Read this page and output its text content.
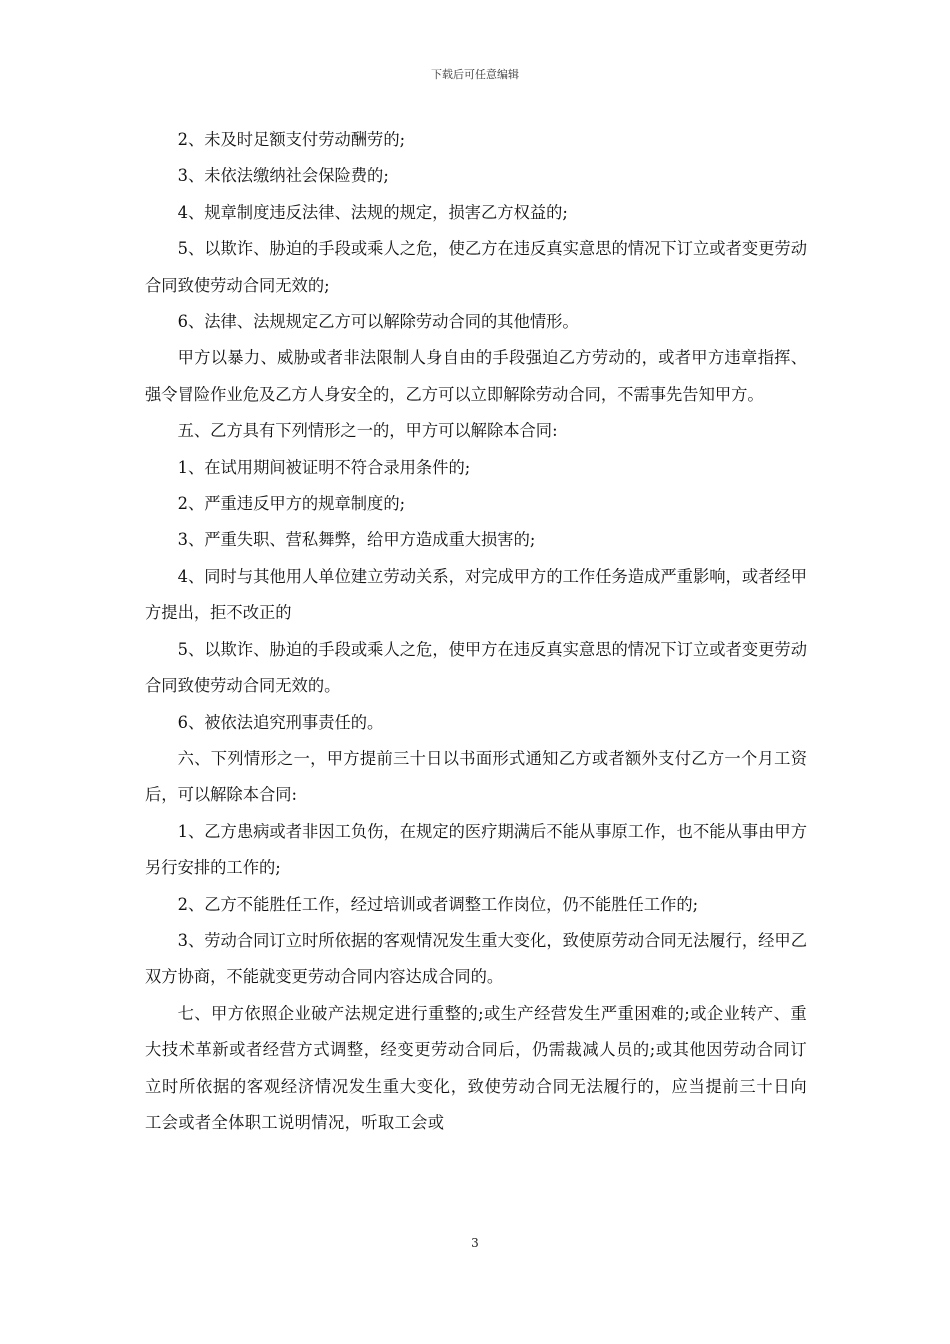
下载后可任意编辑

2、未及时足额支付劳动酬劳的;

3、未依法缴纳社会保险费的;

4、规章制度违反法律、法规的规定，损害乙方权益的;

5、以欺诈、胁迫的手段或乘人之危，使乙方在违反真实意思的情况下订立或者变更劳动合同致使劳动合同无效的;

6、法律、法规规定乙方可以解除劳动合同的其他情形。

甲方以暴力、威胁或者非法限制人身自由的手段强迫乙方劳动的，或者甲方违章指挥、强令冒险作业危及乙方人身安全的，乙方可以立即解除劳动合同，不需事先告知甲方。

五、乙方具有下列情形之一的，甲方可以解除本合同:

1、在试用期间被证明不符合录用条件的;

2、严重违反甲方的规章制度的;

3、严重失职、营私舞弊，给甲方造成重大损害的;

4、同时与其他用人单位建立劳动关系，对完成甲方的工作任务造成严重影响，或者经甲方提出，拒不改正的

5、以欺诈、胁迫的手段或乘人之危，使甲方在违反真实意思的情况下订立或者变更劳动合同致使劳动合同无效的。

6、被依法追究刑事责任的。

六、下列情形之一，甲方提前三十日以书面形式通知乙方或者额外支付乙方一个月工资后，可以解除本合同:

1、乙方患病或者非因工负伤，在规定的医疗期满后不能从事原工作，也不能从事由甲方另行安排的工作的;

2、乙方不能胜任工作，经过培训或者调整工作岗位，仍不能胜任工作的;

3、劳动合同订立时所依据的客观情况发生重大变化，致使原劳动合同无法履行，经甲乙双方协商，不能就变更劳动合同内容达成合同的。

七、甲方依照企业破产法规定进行重整的;或生产经营发生严重困难的;或企业转产、重大技术革新或者经营方式调整，经变更劳动合同后，仍需裁减人员的;或其他因劳动合同订立时所依据的客观经济情况发生重大变化，致使劳动合同无法履行的，应当提前三十日向工会或者全体职工说明情况，听取工会或

3
